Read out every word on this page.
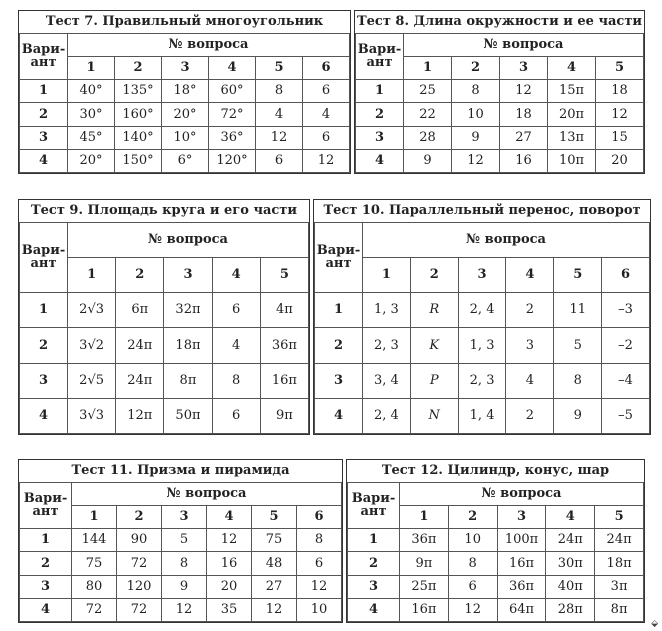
Тест 7. Правильный многоугольник						

Вари-
ант	№ вопроса					
	1	2	3	4	5	6
1	40°	135°	18°	60°	8	6
2	30°	160°	20°	72°	4	4
3	45°	140°	10°	36°	12	6
4	20°	150°	6°	120°	6	12
Тест 8. Длина окружности и ее части					

Вари-
ант	№ вопроса				
	1	2	3	4	5
1	25	8	12	15π	18
2	22	10	18	20π	12
3	28	9	27	13π	15
4	9	12	16	10π	20
Тест 9. Площадь круга и его части					

Вари-
ант	№ вопроса				
	1	2	3	4	5
1	2√3	6π	32π	6	4π
2	3√2	24π	18π	4	36π
3	2√5	24π	8π	8	16π
4	3√3	12π	50π	6	9π
Тест 10. Параллельный перенос, поворот						

Вари-
ант	№ вопроса					
	1	2	3	4	5	6
1	1, 3	R	2, 4	2	11	–3
2	2, 3	K	1, 3	3	5	–2
3	3, 4	P	2, 3	4	8	–4
4	2, 4	N	1, 4	2	9	–5
Тест 11. Призма и пирамида						

Вари-
ант	№ вопроса					
	1	2	3	4	5	6
1	144	90	5	12	75	8
2	75	72	8	16	48	6
3	80	120	9	20	27	12
4	72	72	12	35	12	10
Тест 12. Цилиндр, конус, шар					

Вари-
ант	№ вопроса				
	1	2	3	4	5
1	36π	10	100π	24π	24π
2	9π	8	16π	30π	18π
3	25π	6	36π	40π	3π
4	16π	12	64π	28π	8π
⬙
